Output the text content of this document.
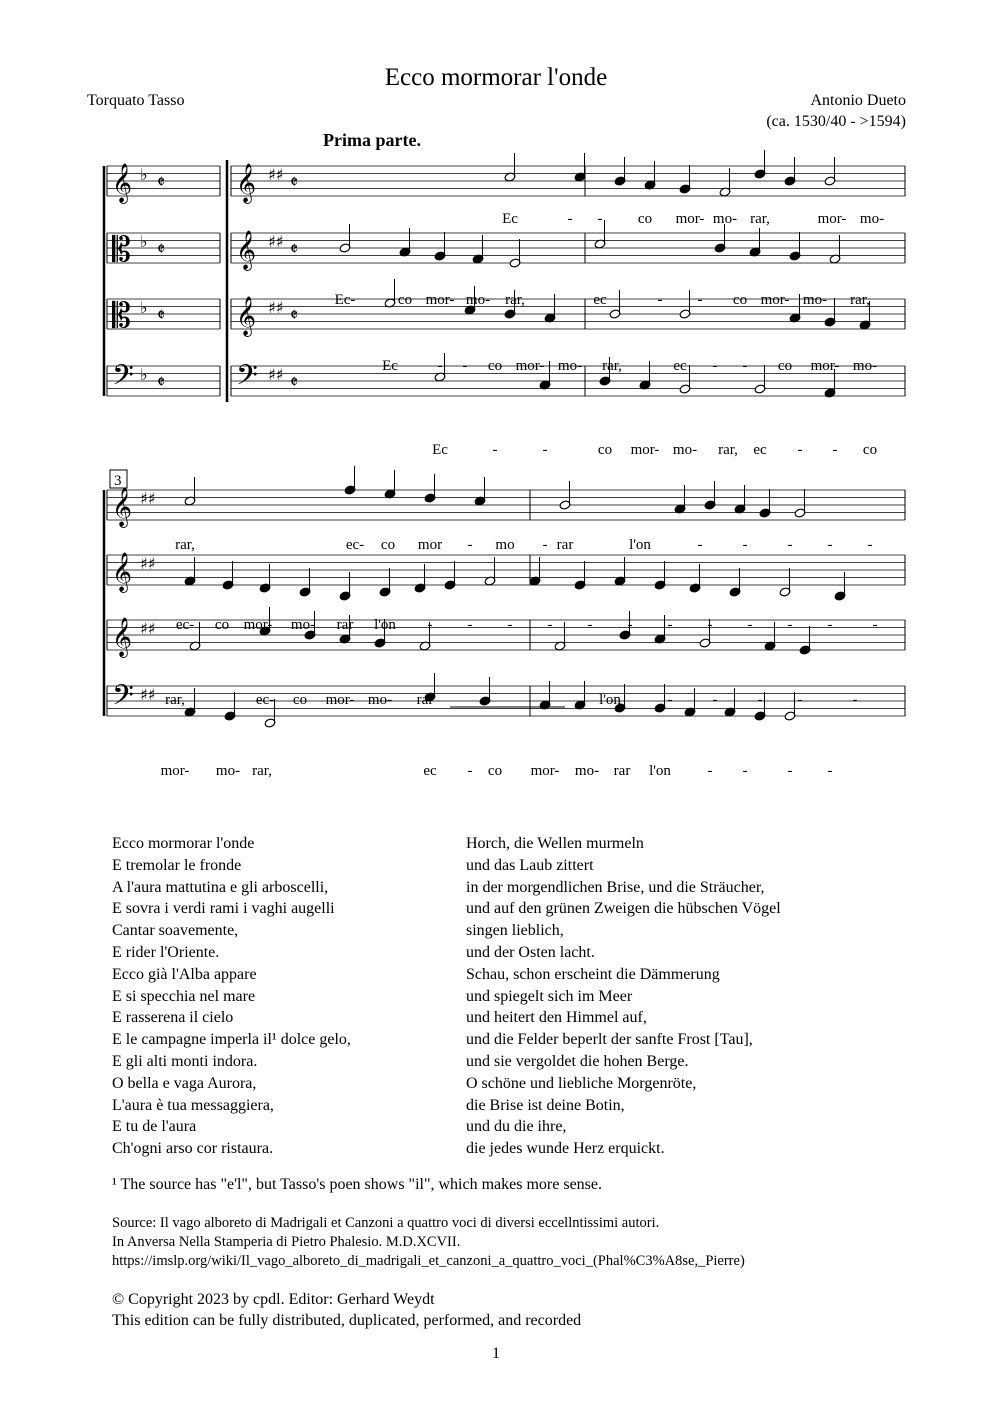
Ecco mormorar l'onde
Torquato Tasso	Antonio Dueto
(ca. 1530/40 - >1594)
Prima parte.
𝄞	𝄞 ♯♯
♭	𝄵
𝄵
𝄡	𝄞 ♯♯
♭	𝄵
𝄵
𝄡	𝄞 ♯♯
♭	𝄵
𝄵
𝄢	𝄢 ♯♯
♭	𝄵
𝄵
𝄞 ♯♯
𝄞 ♯♯
𝄞 ♯♯
𝄢 ♯♯
Ec	- - co mor- mo- rar,	mor- mo-
Ec-	co mor- mo- rar,	ec	- - co mor- mo- rar,
Ec	- - co mor- mo- rar,	ec - - co mor- mo-
Ec	-	-	co mor- mo- rar, ec - - co
rar,	ec- co mor - mo - rar	l'on	-	-	- - -
ec- co mor- mo- rar l'on - - - - - - - - - - -	-
rar,	ec- co mor- mo- rar	l'on	-	-	- -	-
mor- mo- rar,	ec - co mor- mo- rar l'on - -	- -
3
Ecco mormorar l'onde
E tremolar le fronde
A l'aura mattutina e gli arboscelli,
E sovra i verdi rami i vaghi augelli
Cantar soavemente,
E rider l'Oriente.
Ecco già l'Alba appare
E si specchia nel mare
E rasserena il cielo
E le campagne imperla il¹ dolce gelo,
E gli alti monti indora.
O bella e vaga Aurora,
L'aura è tua messaggiera,
E tu de l'aura
Ch'ogni arso cor ristaura.
Horch, die Wellen murmeln
und das Laub zittert
in der morgendlichen Brise, und die Sträucher,
und auf den grünen Zweigen die hübschen Vögel
singen lieblich,
und der Osten lacht.
Schau, schon erscheint die Dämmerung
und spiegelt sich im Meer
und heitert den Himmel auf,
und die Felder beperlt der sanfte Frost [Tau],
und sie vergoldet die hohen Berge.
O schöne und liebliche Morgenröte,
die Brise ist deine Botin,
und du die ihre,
die jedes wunde Herz erquickt.
¹ The source has "e'l", but Tasso's poen shows "il", which makes more sense.
Source: Il vago alboreto di Madrigali et Canzoni a quattro voci di diversi eccellntissimi autori.
In Anversa Nella Stamperia di Pietro Phalesio. M.D.XCVII.
https://imslp.org/wiki/Il_vago_alboreto_di_madrigali_et_canzoni_a_quattro_voci_(Phal%C3%A8se,_Pierre)
© Copyright 2023 by cpdl. Editor: Gerhard Weydt
This edition can be fully distributed, duplicated, performed, and recorded
1
